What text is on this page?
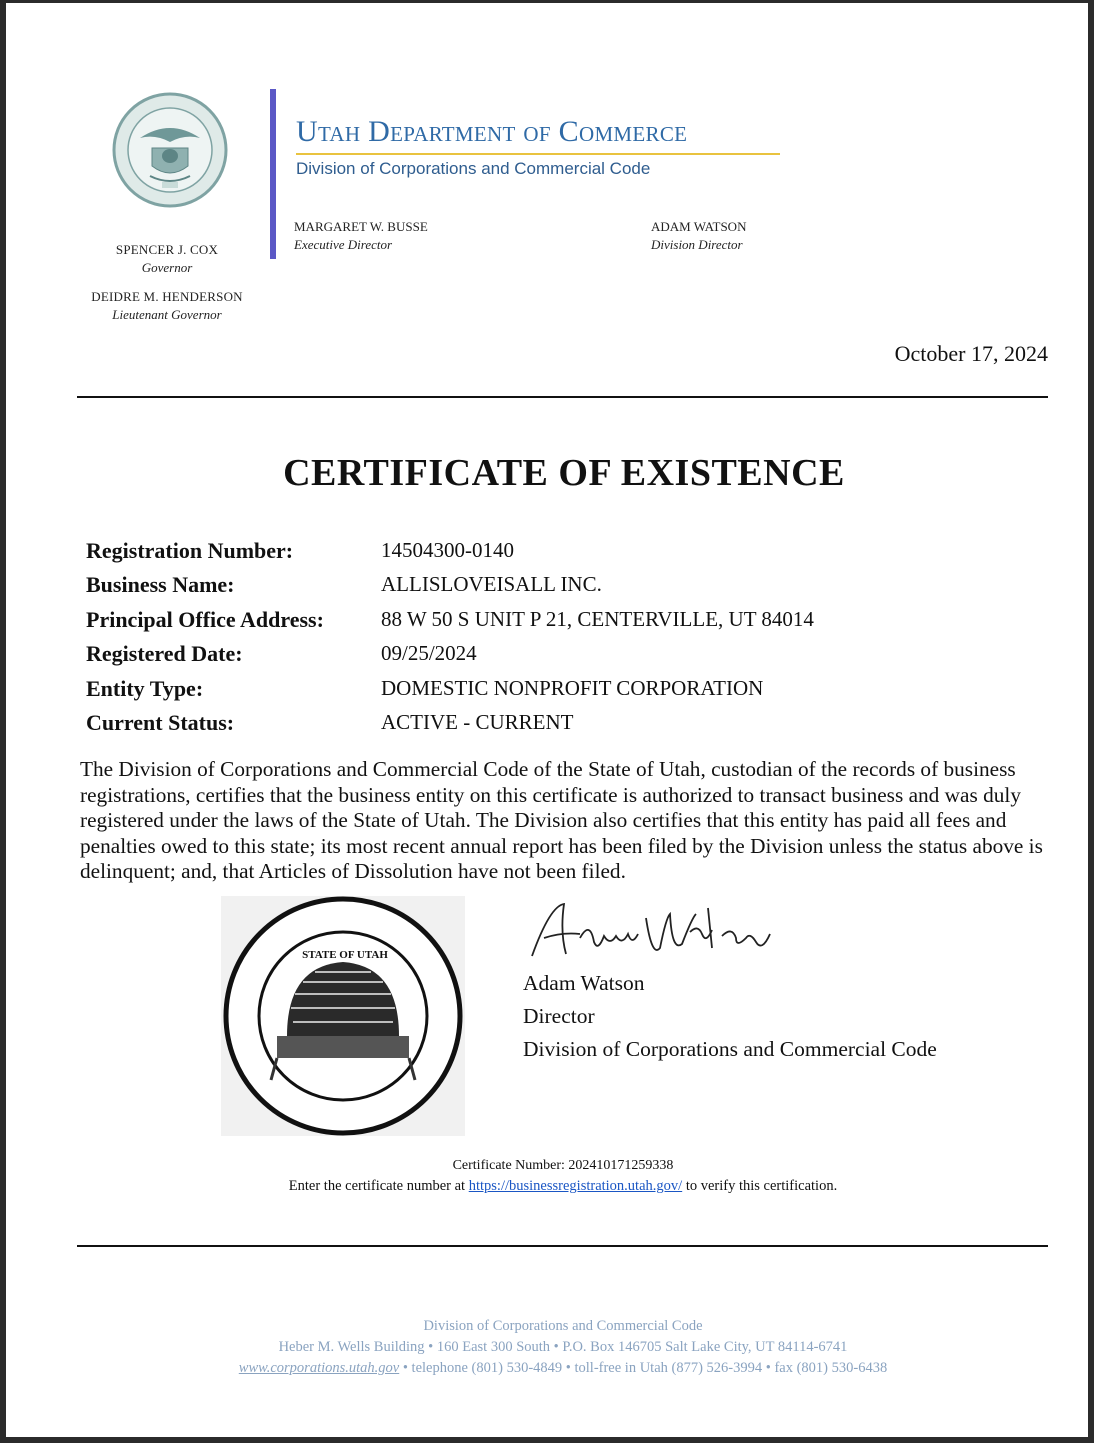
SPENCER J. COX
Governor
DEIDRE M. HENDERSON
Lieutenant Governor
Utah Department of Commerce
Division of Corporations and Commercial Code
MARGARET W. BUSSE
Executive Director
ADAM WATSON
Division Director
October 17, 2024
CERTIFICATE OF EXISTENCE
Registration Number:	14504300-0140
Business Name:	ALLISLOVEISALL INC.
Principal Office Address:	88 W 50 S UNIT P 21, CENTERVILLE, UT 84014
Registered Date:	09/25/2024
Entity Type:	DOMESTIC NONPROFIT CORPORATION
Current Status:	ACTIVE - CURRENT
The Division of Corporations and Commercial Code of the State of Utah, custodian of the records of business registrations, certifies that the business entity on this certificate is authorized to transact business and was duly registered under the laws of the State of Utah. The Division also certifies that this entity has paid all fees and penalties owed to this state; its most recent annual report has been filed by the Division unless the status above is delinquent; and, that Articles of Dissolution have not been filed.
STATE OF UTAH
Adam Watson
Director
Division of Corporations and Commercial Code
Certificate Number: 202410171259338
Enter the certificate number at https://businessregistration.utah.gov/ to verify this certification.
Division of Corporations and Commercial Code
Heber M. Wells Building • 160 East 300 South • P.O. Box 146705 Salt Lake City, UT 84114-6741
www.corporations.utah.gov • telephone (801) 530-4849 • toll-free in Utah (877) 526-3994 • fax (801) 530-6438
